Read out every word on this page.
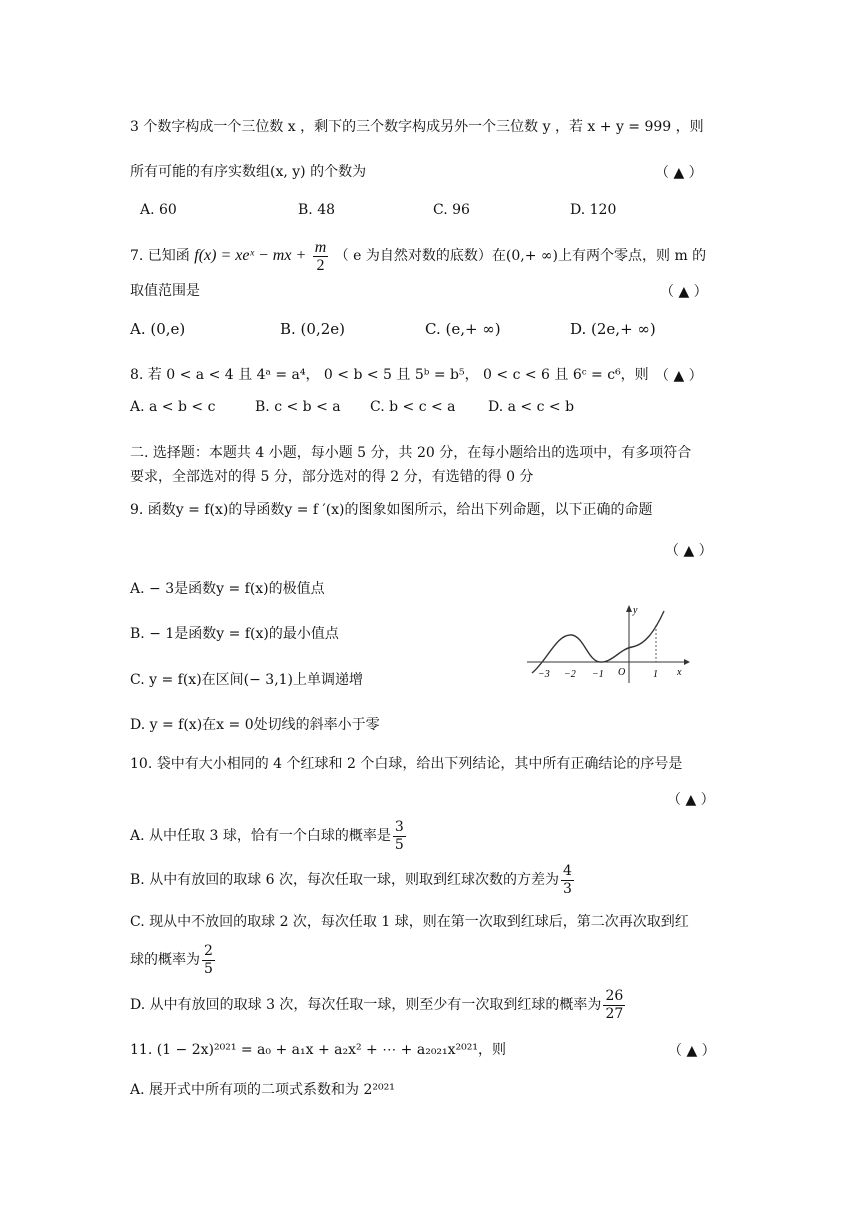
3 个数字构成一个三位数 x ，剩下的三个数字构成另外一个三位数 y ，若 x + y = 999 ，则
所有可能的有序实数组(x, y) 的个数为	（ ▲ ）
A. 60	B. 48	C. 96	D. 120
7. 已知函 f(x) = xeˣ − mx + $\frac{m}{2}$ （ e 为自然对数的底数）在(0,+ ∞)上有两个零点，则 m 的
取值范围是	（ ▲ ）
A. (0,e)	B. (0,2e)	C. (e,+ ∞)	D. (2e,+ ∞)
8. 若 0 < a < 4 且 4ᵃ = a⁴， 0 < b < 5 且 5ᵇ = b⁵， 0 < c < 6 且 6ᶜ = c⁶，则 （ ▲ ）
A. a < b < c	B. c < b < a C. b < c < a D. a < c < b
二. 选择题：本题共 4 小题，每小题 5 分，共 20 分，在每小题给出的选项中，有多项符合
要求，全部选对的得 5 分，部分选对的得 2 分，有选错的得 0 分
9. 函数y = f(x)的导函数y = f ′(x)的图象如图所示，给出下列命题，以下正确的命题
（ ▲ ）
A. − 3是函数y = f(x)的极值点
B. − 1是函数y = f(x)的最小值点
C. y = f(x)在区间(− 3,1)上单调递增
D. y = f(x)在x = 0处切线的斜率小于零
−3 −2 −1 O	1 x
y
10. 袋中有大小相同的 4 个红球和 2 个白球，给出下列结论，其中所有正确结论的序号是
（ ▲ ）
A. 从中任取 3 球，恰有一个白球的概率是 $\frac{3}{5}$
B. 从中有放回的取球 6 次，每次任取一球，则取到红球次数的方差为 $\frac{4}{3}$
C. 现从中不放回的取球 2 次，每次任取 1 球，则在第一次取到红球后，第二次再次取到红
球的概率为 $\frac{2}{5}$
D. 从中有放回的取球 3 次，每次任取一球，则至少有一次取到红球的概率为 $\frac{26}{27}$
11. (1 − 2x)²⁰²¹ = a₀ + a₁x + a₂x² + ⋯ + a₂₀₂₁x²⁰²¹，则	（ ▲ ）
A. 展开式中所有项的二项式系数和为 2²⁰²¹
